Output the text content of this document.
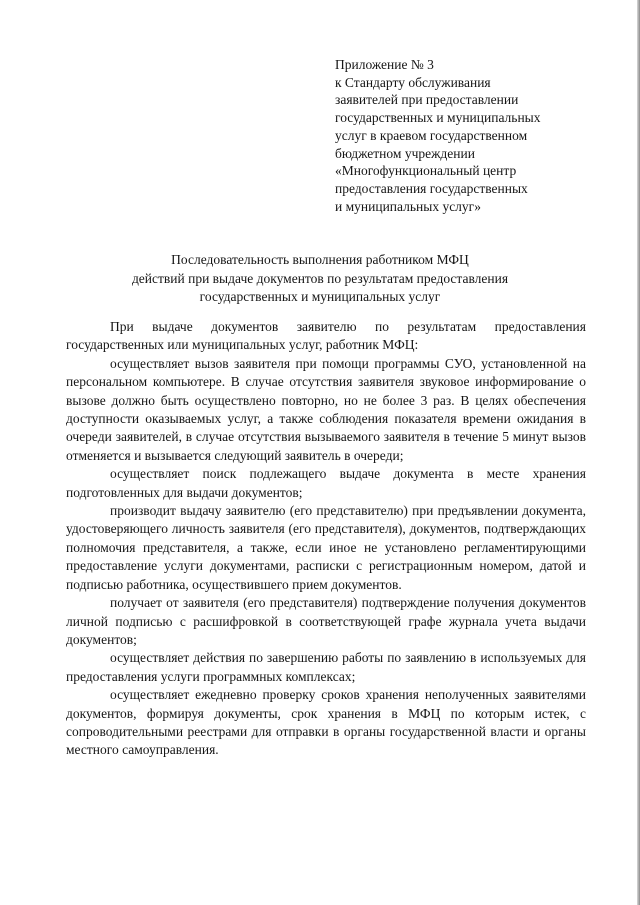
Приложение № 3
к Стандарту обслуживания
заявителей при предоставлении
государственных и муниципальных
услуг в краевом государственном
бюджетном учреждении
«Многофункциональный центр
предоставления государственных
и муниципальных услуг»
Последовательность выполнения работником МФЦ
действий при выдаче документов по результатам предоставления
государственных и муниципальных услуг

При выдаче документов заявителю по результатам предоставления государственных или муниципальных услуг, работник МФЦ:

осуществляет вызов заявителя при помощи программы СУО, установленной на персональном компьютере. В случае отсутствия заявителя звуковое информирование о вызове должно быть осуществлено повторно, но не более 3 раз. В целях обеспечения доступности оказываемых услуг, а также соблюдения показателя времени ожидания в очереди заявителей, в случае отсутствия вызываемого заявителя в течение 5 минут вызов отменяется и вызывается следующий заявитель в очереди;

осуществляет поиск подлежащего выдаче документа в месте хранения подготовленных для выдачи документов;

производит выдачу заявителю (его представителю) при предъявлении документа, удостоверяющего личность заявителя (его представителя), документов, подтверждающих полномочия представителя, а также, если иное не установлено регламентирующими предоставление услуги документами, расписки с регистрационным номером, датой и подписью работника, осуществившего прием документов.

получает от заявителя (его представителя) подтверждение получения документов личной подписью с расшифровкой в соответствующей графе журнала учета выдачи документов;

осуществляет действия по завершению работы по заявлению в используемых для предоставления услуги программных комплексах;

осуществляет ежедневно проверку сроков хранения неполученных заявителями документов, формируя документы, срок хранения в МФЦ по которым истек, с сопроводительными реестрами для отправки в органы государственной власти и органы местного самоуправления.
